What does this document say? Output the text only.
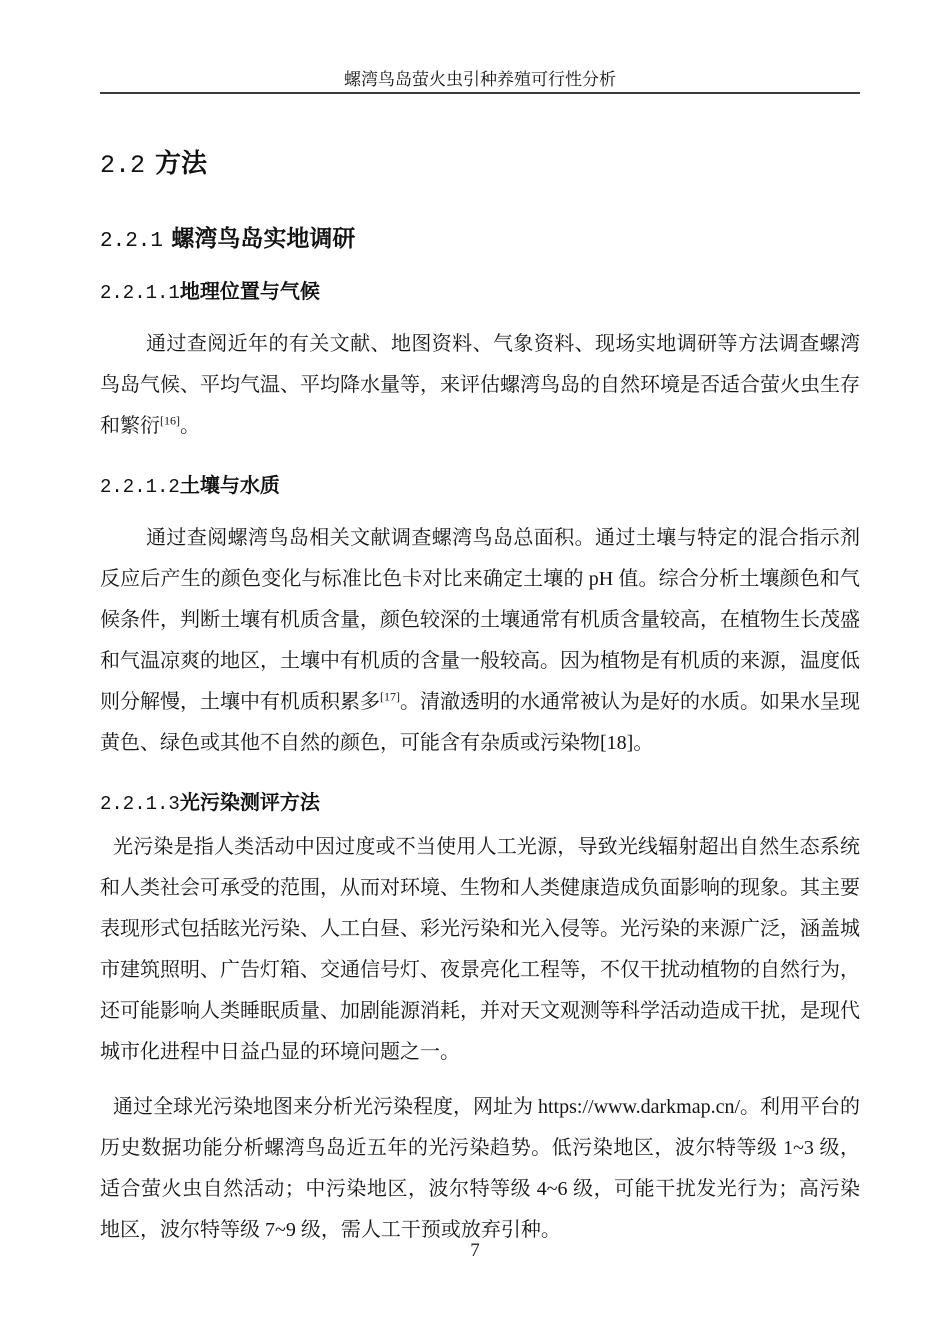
螺湾鸟岛萤火虫引种养殖可行性分析
2.2 方法
2.2.1 螺湾鸟岛实地调研
2.2.1.1地理位置与气候

通过查阅近年的有关文献、地图资料、气象资料、现场实地调研等方法调查螺湾鸟岛气候、平均气温、平均降水量等，来评估螺湾鸟岛的自然环境是否适合萤火虫生存和繁衍[16]。

2.2.1.2土壤与水质

通过查阅螺湾鸟岛相关文献调查螺湾鸟岛总面积。通过土壤与特定的混合指示剂反应后产生的颜色变化与标准比色卡对比来确定土壤的 pH 值。综合分析土壤颜色和气候条件，判断土壤有机质含量，颜色较深的土壤通常有机质含量较高，在植物生长茂盛和气温凉爽的地区，土壤中有机质的含量一般较高。因为植物是有机质的来源，温度低则分解慢，土壤中有机质积累多[17]。清澈透明的水通常被认为是好的水质。如果水呈现黄色、绿色或其他不自然的颜色，可能含有杂质或污染物[18]。

2.2.1.3光污染测评方法

光污染是指人类活动中因过度或不当使用人工光源，导致光线辐射超出自然生态系统和人类社会可承受的范围，从而对环境、生物和人类健康造成负面影响的现象。其主要表现形式包括眩光污染、人工白昼、彩光污染和光入侵等。光污染的来源广泛，涵盖城市建筑照明、广告灯箱、交通信号灯、夜景亮化工程等，不仅干扰动植物的自然行为，还可能影响人类睡眠质量、加剧能源消耗，并对天文观测等科学活动造成干扰，是现代城市化进程中日益凸显的环境问题之一。

通过全球光污染地图来分析光污染程度，网址为 https://www.darkmap.cn/。利用平台的历史数据功能分析螺湾鸟岛近五年的光污染趋势。低污染地区，波尔特等级 1~3 级，适合萤火虫自然活动；中污染地区，波尔特等级 4~6 级，可能干扰发光行为；高污染地区，波尔特等级 7~9 级，需人工干预或放弃引种。

7
